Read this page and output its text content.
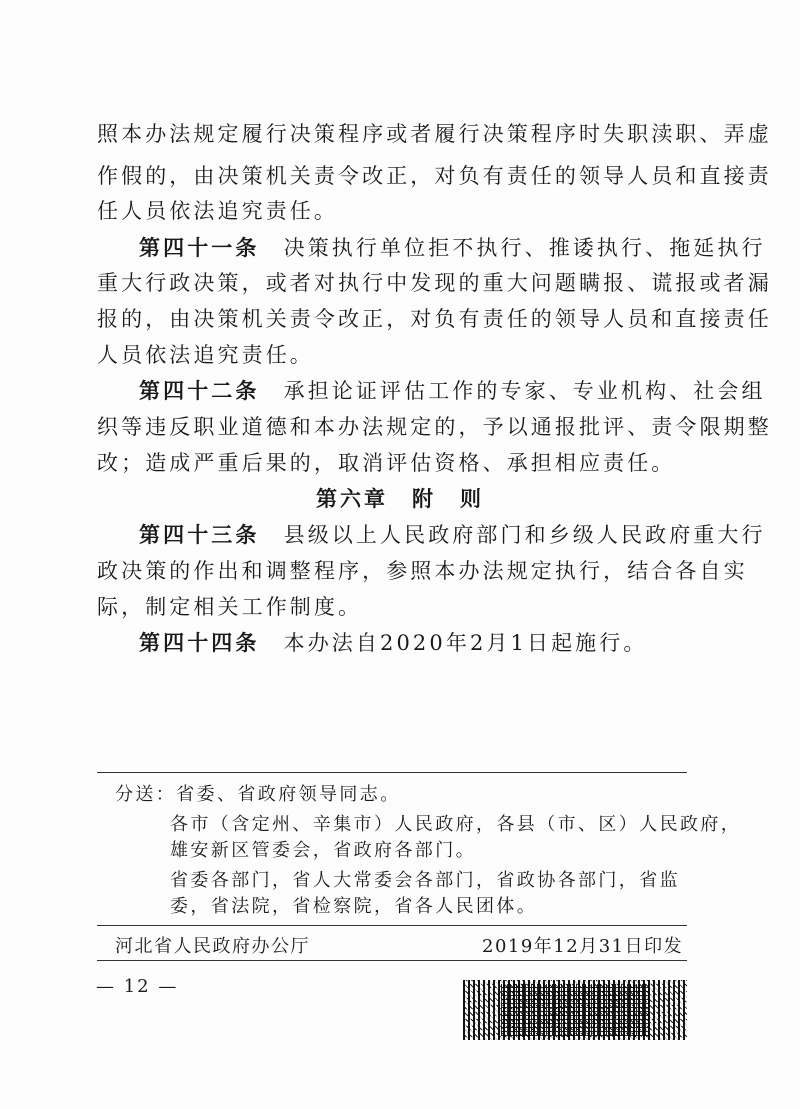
照本办法规定履行决策程序或者履行决策程序时失职渎职、弄虚
作假的，由决策机关责令改正，对负有责任的领导人员和直接责
任人员依法追究责任。
第四十一条　 决策执行单位拒不执行、推诿执行、拖延执行
重大行政决策，或者对执行中发现的重大问题瞒报、谎报或者漏
报的，由决策机关责令改正，对负有责任的领导人员和直接责任
人员依法追究责任。
第四十二条　 承担论证评估工作的专家、专业机构、社会组
织等违反职业道德和本办法规定的，予以通报批评、责令限期整
改；造成严重后果的，取消评估资格、承担相应责任。
第六章　附　则
第四十三条　 县级以上人民政府部门和乡级人民政府重大行
政决策的作出和调整程序，参照本办法规定执行，结合各自实
际，制定相关工作制度。
第四十四条　 本办法自2020年2月1日起施行。
分送：省委、省政府领导同志。
各市（含定州、辛集市）人民政府，各县（市、区）人民政府，
雄安新区管委会，省政府各部门。
省委各部门，省人大常委会各部门，省政协各部门，省监
委，省法院，省检察院，省各人民团体。
河北省人民政府办公厅	2019年12月31日印发
— 12 —
